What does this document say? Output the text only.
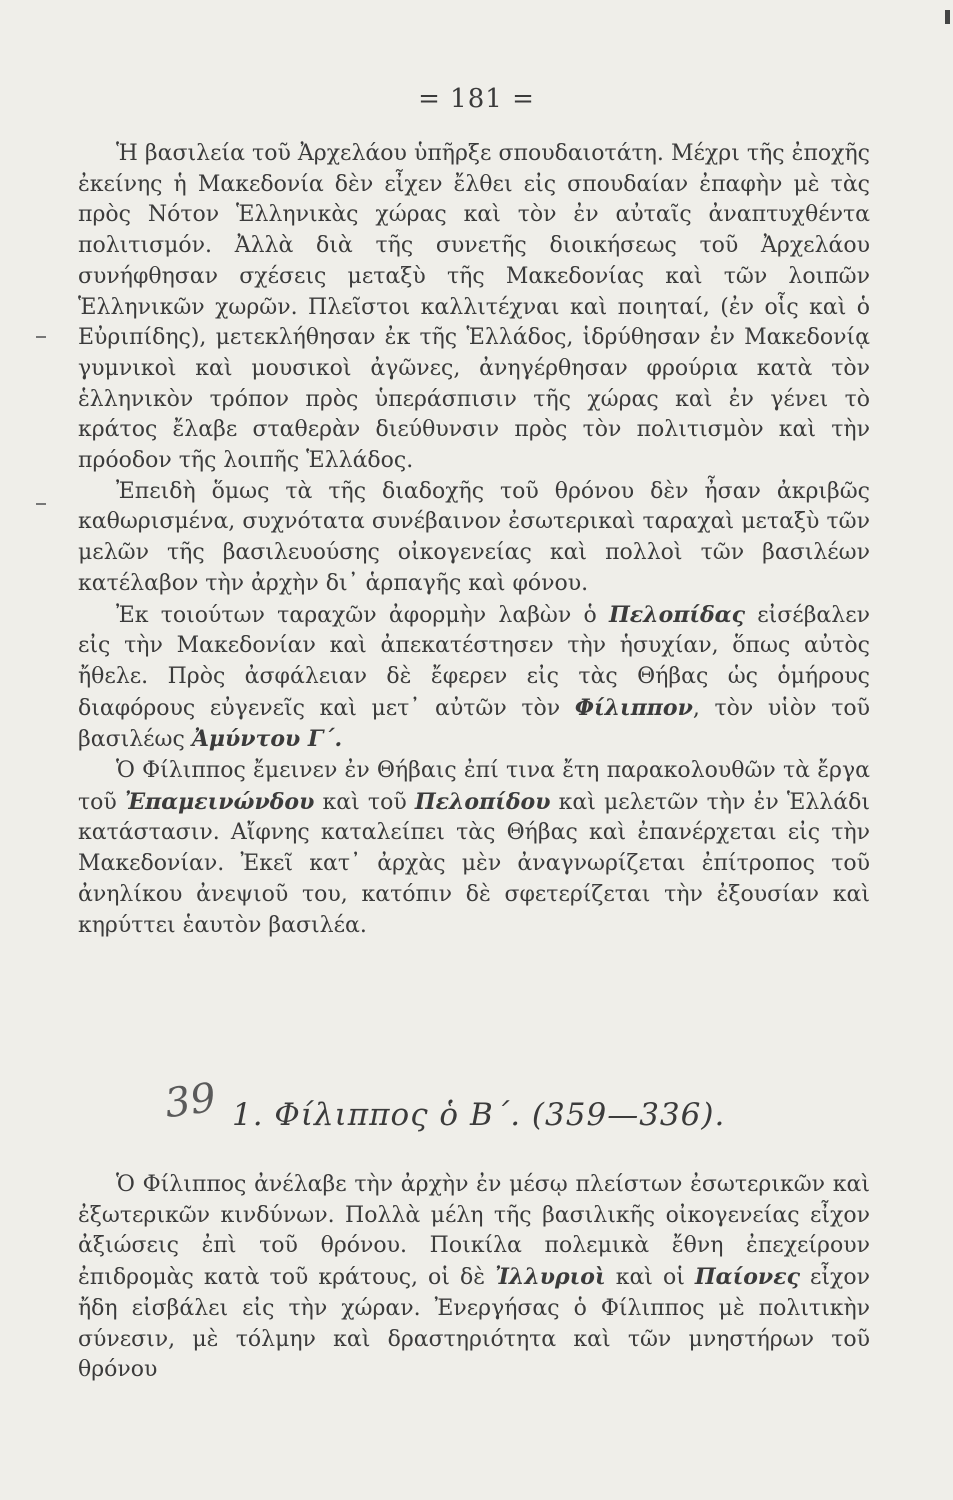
= 181 =

Ἡ βασιλεία τοῦ Ἀρχελάου ὑπῆρξε σπουδαιοτάτη. Μέχρι τῆς ἐποχῆς ἐκείνης ἡ Μακεδονία δὲν εἶχεν ἔλθει εἰς σπουδαίαν ἐπαφὴν μὲ τὰς πρὸς Νότον Ἑλληνικὰς χώρας καὶ τὸν ἐν αὐταῖς ἀναπτυχθέντα πολιτισμόν. Ἀλλὰ διὰ τῆς συνετῆς διοικήσεως τοῦ Ἀρχελάου συνήφθησαν σχέσεις μεταξὺ τῆς Μακεδονίας καὶ τῶν λοιπῶν Ἑλληνικῶν χωρῶν. Πλεῖστοι καλλιτέχναι καὶ ποιηταί, (ἐν οἷς καὶ ὁ Εὐριπίδης), μετεκλήθησαν ἐκ τῆς Ἑλλάδος, ἱδρύθησαν ἐν Μακεδονίᾳ γυμνικοὶ καὶ μουσικοὶ ἀγῶνες, ἀνηγέρθησαν φρούρια κατὰ τὸν ἑλληνικὸν τρόπον πρὸς ὑπεράσπισιν τῆς χώρας καὶ ἐν γένει τὸ κράτος ἔλαβε σταθερὰν διεύθυνσιν πρὸς τὸν πολιτισμὸν καὶ τὴν πρόοδον τῆς λοιπῆς Ἑλλάδος.

Ἐπειδὴ ὅμως τὰ τῆς διαδοχῆς τοῦ θρόνου δὲν ἦσαν ἀκριβῶς καθωρισμένα, συχνότατα συνέβαινον ἐσωτερικαὶ ταραχαὶ μεταξὺ τῶν μελῶν τῆς βασιλευούσης οἰκογενείας καὶ πολλοὶ τῶν βασιλέων κατέλαβον τὴν ἀρχὴν δι᾽ ἁρπαγῆς καὶ φόνου.

Ἐκ τοιούτων ταραχῶν ἀφορμὴν λαβὼν ὁ Πελοπίδας εἰσέβαλεν εἰς τὴν Μακεδονίαν καὶ ἀπεκατέστησεν τὴν ἡσυχίαν, ὅπως αὐτὸς ἤθελε. Πρὸς ἀσφάλειαν δὲ ἔφερεν εἰς τὰς Θήβας ὡς ὁμήρους διαφόρους εὐγενεῖς καὶ μετ᾽ αὐτῶν τὸν Φίλιππον, τὸν υἱὸν τοῦ βασιλέως Ἀμύντου Γ΄.

Ὁ Φίλιππος ἔμεινεν ἐν Θήβαις ἐπί τινα ἔτη παρακολουθῶν τὰ ἔργα τοῦ Ἐπαμεινώνδου καὶ τοῦ Πελοπίδου καὶ μελετῶν τὴν ἐν Ἑλλάδι κατάστασιν. Αἴφνης καταλείπει τὰς Θήβας καὶ ἐπανέρχεται εἰς τὴν Μακεδονίαν. Ἐκεῖ κατ᾽ ἀρχὰς μὲν ἀναγνωρίζεται ἐπίτροπος τοῦ ἀνηλίκου ἀνεψιοῦ του, κατόπιν δὲ σφετερίζεται τὴν ἐξουσίαν καὶ κηρύττει ἑαυτὸν βασιλέα.

39 1. Φίλιππος ὁ Β΄. (359—336).

Ὁ Φίλιππος ἀνέλαβε τὴν ἀρχὴν ἐν μέσῳ πλείστων ἐσωτερικῶν καὶ ἐξωτερικῶν κινδύνων. Πολλὰ μέλη τῆς βασιλικῆς οἰκογενείας εἶχον ἀξιώσεις ἐπὶ τοῦ θρόνου. Ποικίλα πολεμικὰ ἔθνη ἐπεχείρουν ἐπιδρομὰς κατὰ τοῦ κράτους, οἱ δὲ Ἰλλυριοὶ καὶ οἱ Παίονες εἶχον ἤδη εἰσβάλει εἰς τὴν χώραν. Ἐνεργήσας ὁ Φίλιππος μὲ πολιτικὴν σύνεσιν, μὲ τόλμην καὶ δραστηριότητα καὶ τῶν μνηστήρων τοῦ θρόνου
